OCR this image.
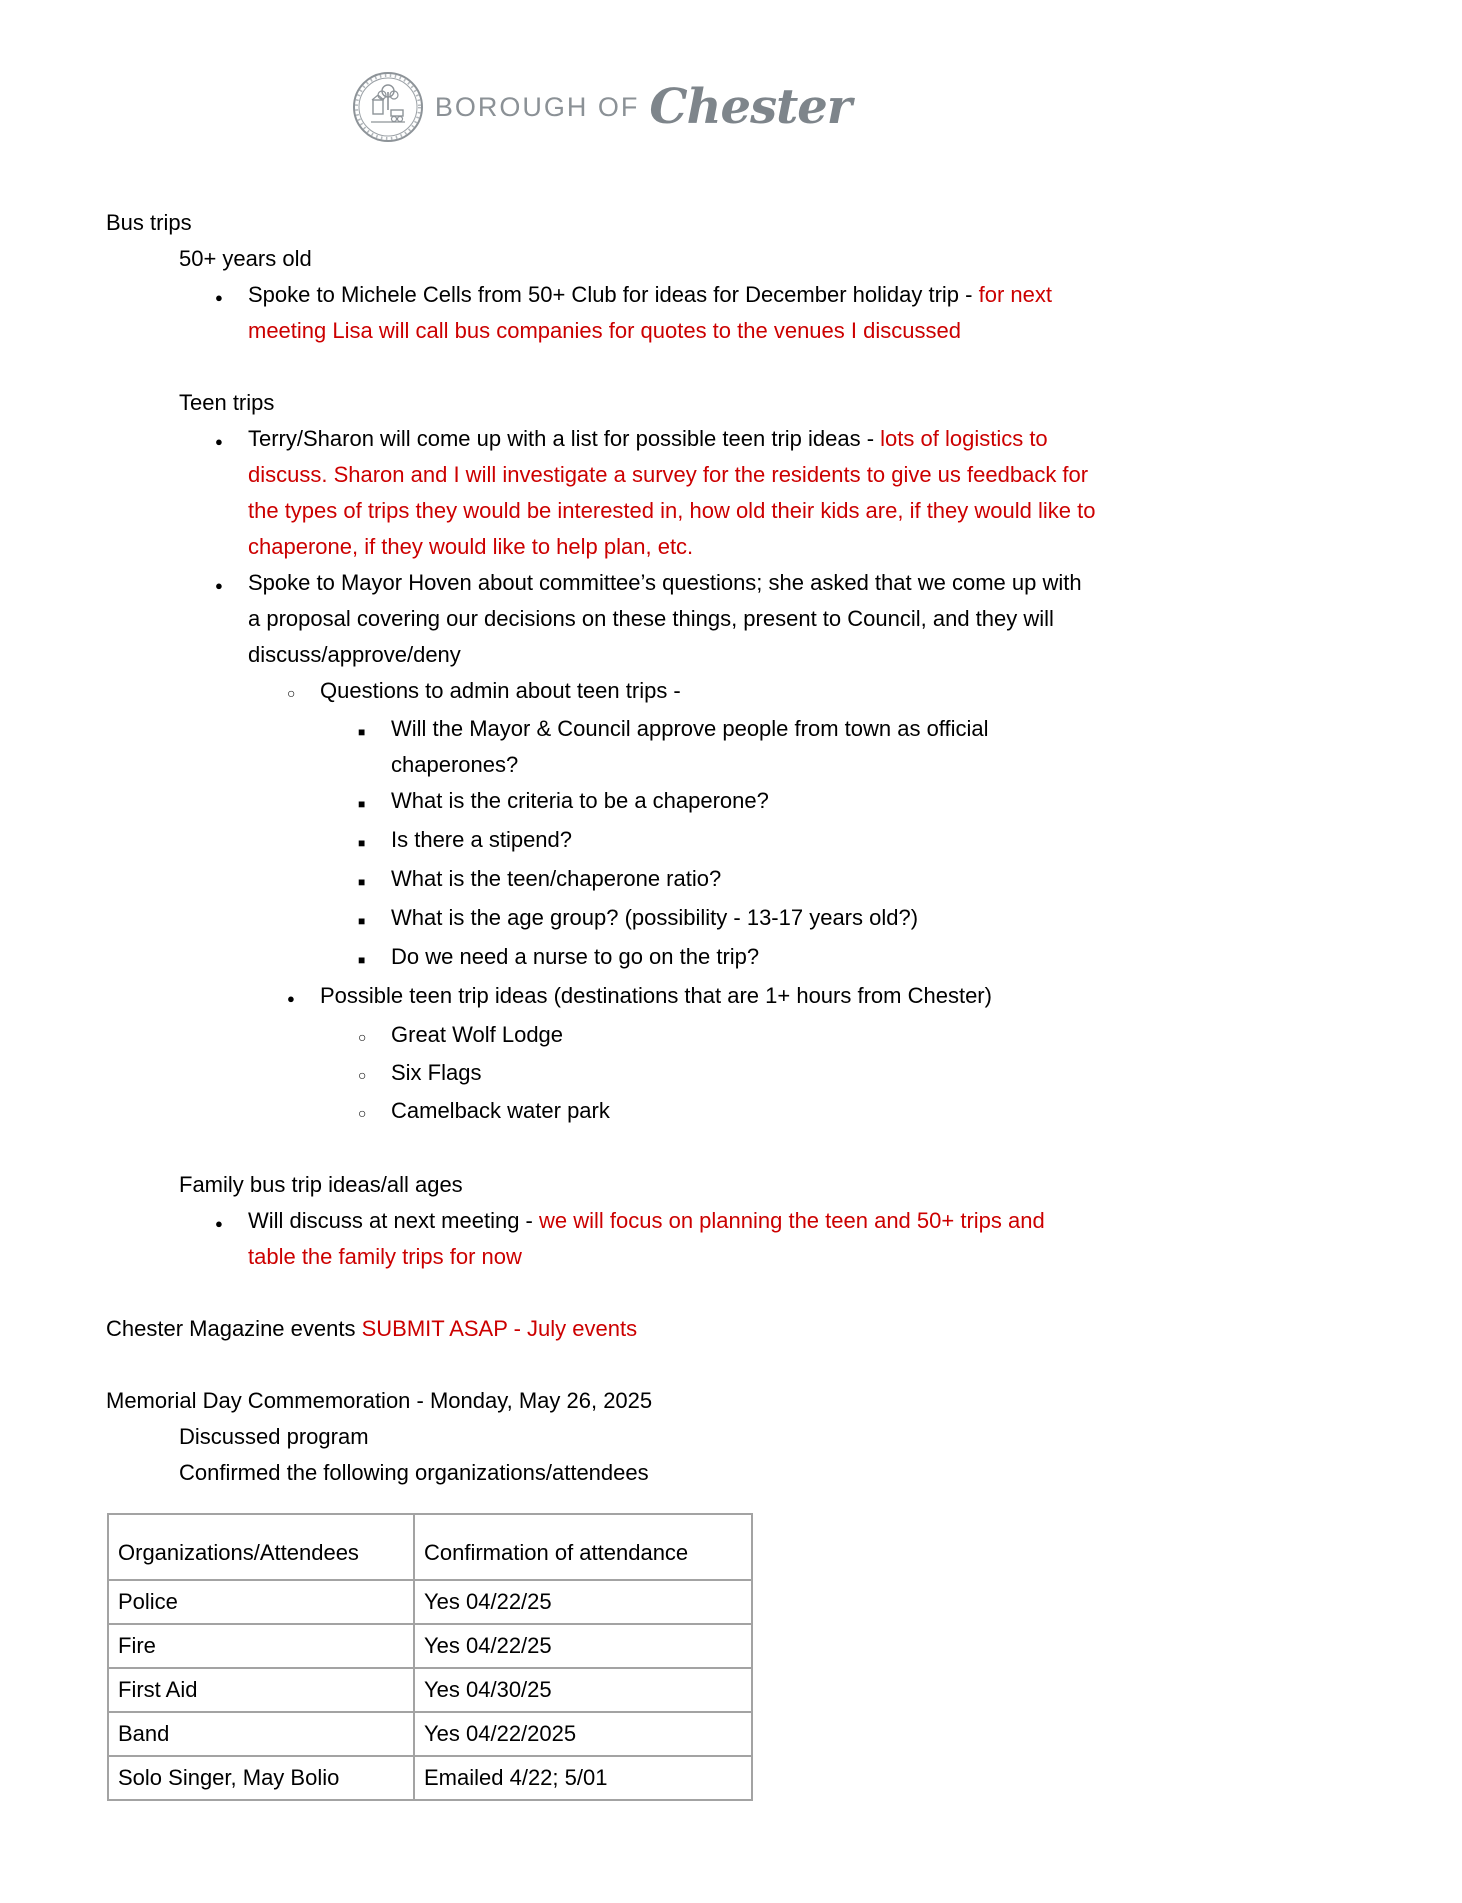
BOROUGH OF Chester
Bus trips
50+ years old
●
Spoke to Michele Cells from 50+ Club for ideas for December holiday trip - for next meeting Lisa will call bus companies for quotes to the venues I discussed
Teen trips
●
Terry/Sharon will come up with a list for possible teen trip ideas - lots of logistics to discuss. Sharon and I will investigate a survey for the residents to give us feedback for the types of trips they would be interested in, how old their kids are, if they would like to chaperone, if they would like to help plan, etc.
●
Spoke to Mayor Hoven about committee’s questions; she asked that we come up with a proposal covering our decisions on these things, present to Council, and they will discuss/approve/deny
○
Questions to admin about teen trips -
■
Will the Mayor & Council approve people from town as official chaperones?
■
What is the criteria to be a chaperone?
■
Is there a stipend?
■
What is the teen/chaperone ratio?
■
What is the age group? (possibility - 13-17 years old?)
■
Do we need a nurse to go on the trip?
●
Possible teen trip ideas (destinations that are 1+ hours from Chester)
○
Great Wolf Lodge
○
Six Flags
○
Camelback water park
Family bus trip ideas/all ages
●
Will discuss at next meeting - we will focus on planning the teen and 50+ trips and table the family trips for now
Chester Magazine events SUBMIT ASAP - July events
Memorial Day Commemoration - Monday, May 26, 2025
Discussed program
Confirmed the following organizations/attendees
Organizations/Attendees	Confirmation of attendance
Police	Yes 04/22/25
Fire	Yes 04/22/25
First Aid	Yes 04/30/25
Band	Yes 04/22/2025
Solo Singer, May Bolio	Emailed 4/22; 5/01
